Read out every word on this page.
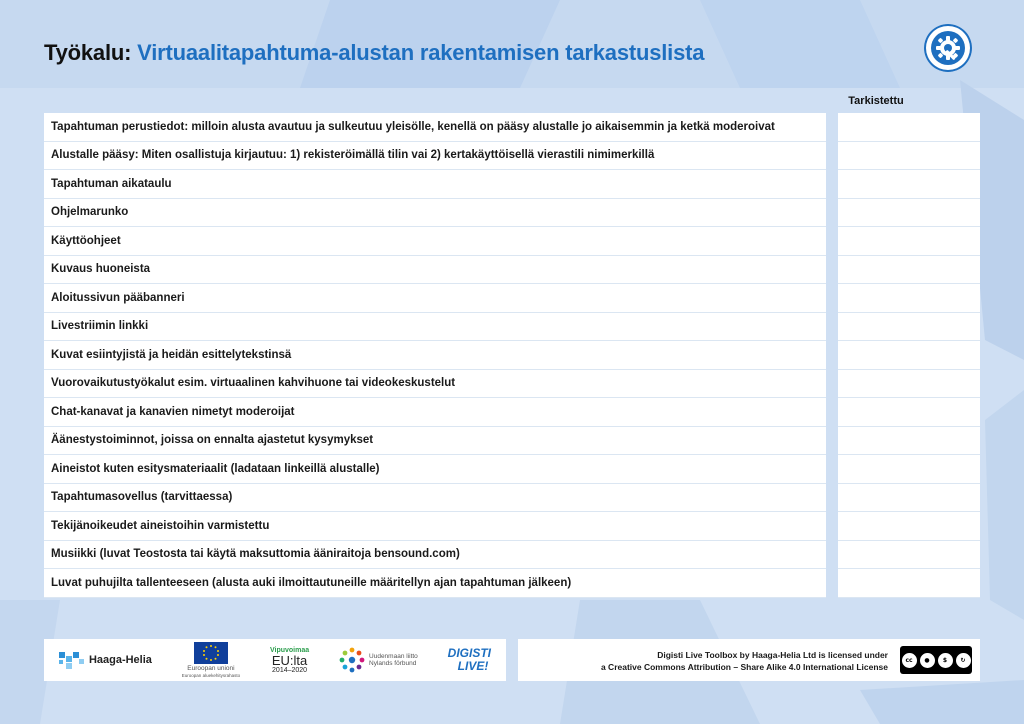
Työkalu: Virtuaalitapahtuma-alustan rakentamisen tarkastuslista
Tarkistettu
Tapahtuman perustiedot: milloin alusta avautuu ja sulkeutuu yleisölle, kenellä on pääsy alustalle jo aikaisemmin ja ketkä moderoivat
Alustalle pääsy: Miten osallistuja kirjautuu: 1) rekisteröimällä tilin vai 2) kertakäyttöisellä vierastili nimimerkillä
Tapahtuman aikataulu
Ohjelmarunko
Käyttöohjeet
Kuvaus huoneista
Aloitussivun pääbanneri
Livestriimin linkki
Kuvat esiintyjistä ja heidän esittelytekstinsä
Vuorovaikutustyökalut esim. virtuaalinen kahvihuone tai videokeskustelut
Chat-kanavat ja kanavien nimetyt moderoijat
Äänestystoiminnot, joissa on ennalta ajastetut kysymykset
Aineistot kuten esitysmateriaalit (ladataan linkeillä alustalle)
Tapahtumasovellus (tarvittaessa)
Tekijänoikeudet aineistoihin varmistettu
Musiikki (luvat Teostosta tai käytä maksuttomia ääniraitoja bensound.com)
Luvat puhujilta tallenteeseen (alusta auki ilmoittautuneille määritellyn ajan tapahtuman jälkeen)
Haaga-Helia
Euroopan unioni
Euroopan aluekehitysrahasto
Vipuvoimaa
EU:lta
2014–2020
Uudenmaan liitto
Nylands förbund
DIGISTI
LIVE!
Digisti Live Toolbox by Haaga-Helia Ltd is licensed under
a Creative Commons Attribution – Share Alike 4.0 International License
cc	●	$	↻
